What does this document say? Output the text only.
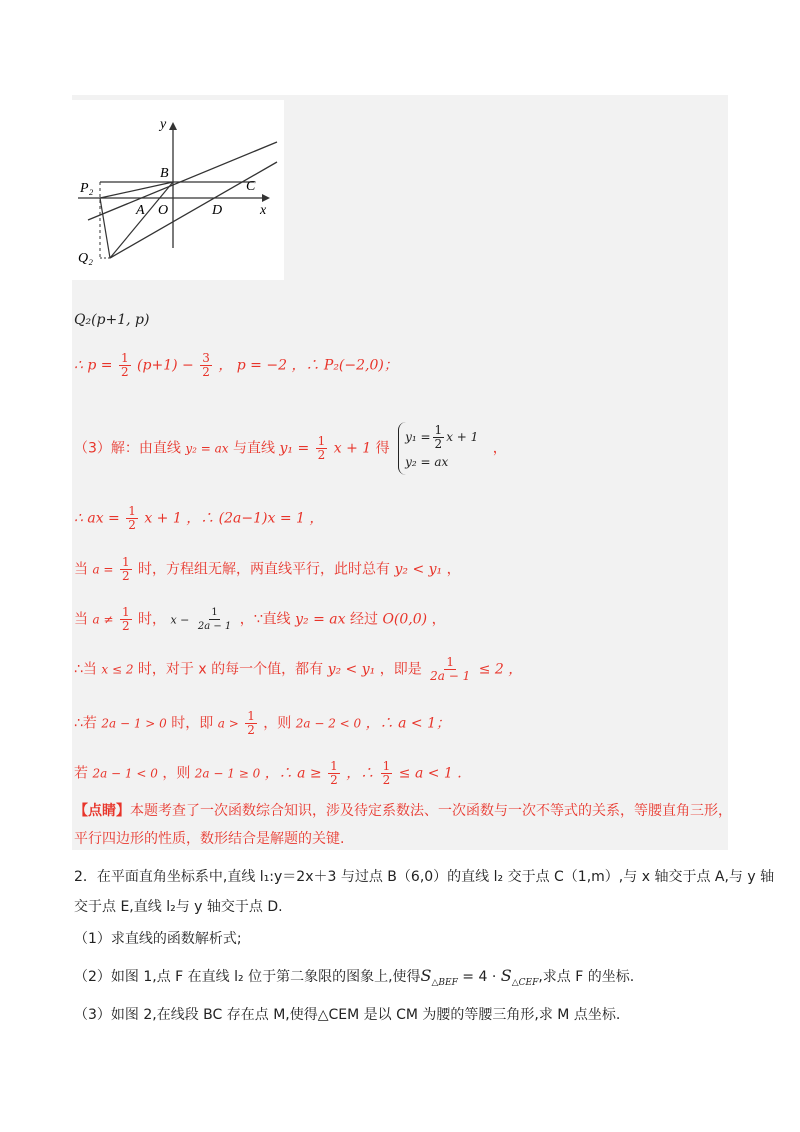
y
x
B
C
P₂
A O	D
Q₂
Q₂(p+1, p)
∴ $p = \frac{1}{2} (p+1) - \frac{3}{2}$ ， p = −2 ，∴ P₂(−2,0)；
（3）解：由直线 y₂ = ax 与直线 $y_1 = \frac{1}{2}$ x + 1 得
$y_1 = \frac{1}{2}$ x + 1
y₂ = ax
，
∴ ax = $\frac{1}{2}$ x + 1 ，∴ (2a−1)x = 1 ，
当 $a = \frac{1}{2}$ 时，方程组无解，两直线平行，此时总有 y₂ < y₁ ，
当 $a \ne \frac{1}{2}$ 时， $x - \frac{1}{2a - 1}$ ，∵直线 y₂ = ax 经过 O(0,0) ，
∴当 x ≤ 2 时，对于 x 的每一个值，都有 y₂ < y₁ ，即是 $\frac{1}{2a - 1} \le 2$ ，
∴若 2a − 1 > 0 时，即 $a > \frac{1}{2}$ ，则 2a − 2 < 0 ，∴ a < 1；
若 2a − 1 < 0 ，则 2a − 1 ≥ 0 ，∴ $a \ge \frac{1}{2}$ ，∴ $\frac{1}{2} \le a < 1$ .
【点睛】本题考查了一次函数综合知识，涉及待定系数法、一次函数与一次不等式的关系，等腰直角三形，
平行四边形的性质，数形结合是解题的关键.
2．在平面直角坐标系中,直线 l₁:y＝2x＋3 与过点 B（6,0）的直线 l₂ 交于点 C（1,m）,与 x 轴交于点 A,与 y 轴
交于点 E,直线 l₂与 y 轴交于点 D.
（1）求直线的函数解析式;
（2）如图 1,点 F 在直线 l₂ 位于第二象限的图象上,使得$S_{\triangle BEF} = 4 \cdot S_{\triangle CEF}$,求点 F 的坐标.
（3）如图 2,在线段 BC 存在点 M,使得△CEM 是以 CM 为腰的等腰三角形,求 M 点坐标.
